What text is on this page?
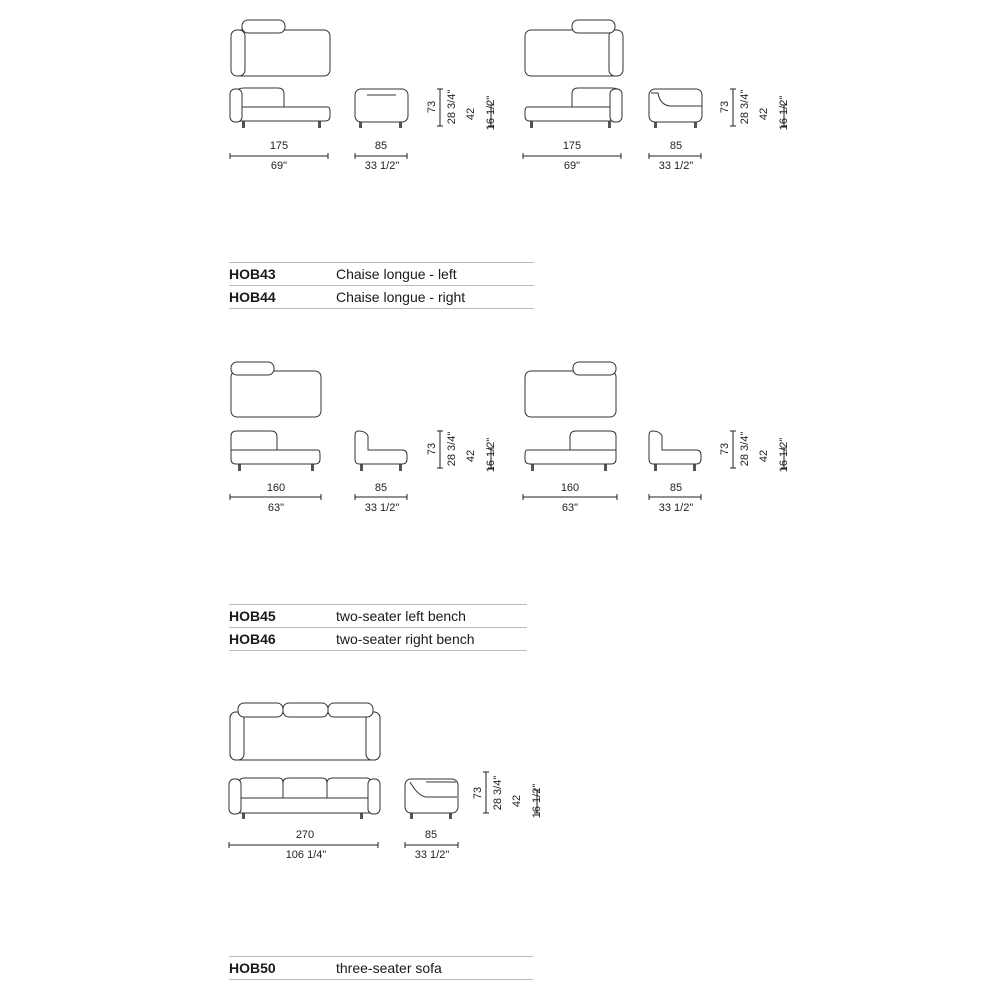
175
69"
85
33 1/2"
73 28 3/4" 42 16 1/2"
175
69"
85
33 1/2"
73 28 3/4" 42 16 1/2"
160
63"
85
33 1/2"
73 28 3/4" 42 16 1/2"
160
63"
85
33 1/2"
73 28 3/4" 42 16 1/2"
270
106 1/4"
85
33 1/2"
73 28 3/4" 42 16 1/2"
HOB43	Chaise longue - left
HOB44	Chaise longue - right
HOB45	two-seater left bench
HOB46	two-seater right bench
HOB50	three-seater sofa
